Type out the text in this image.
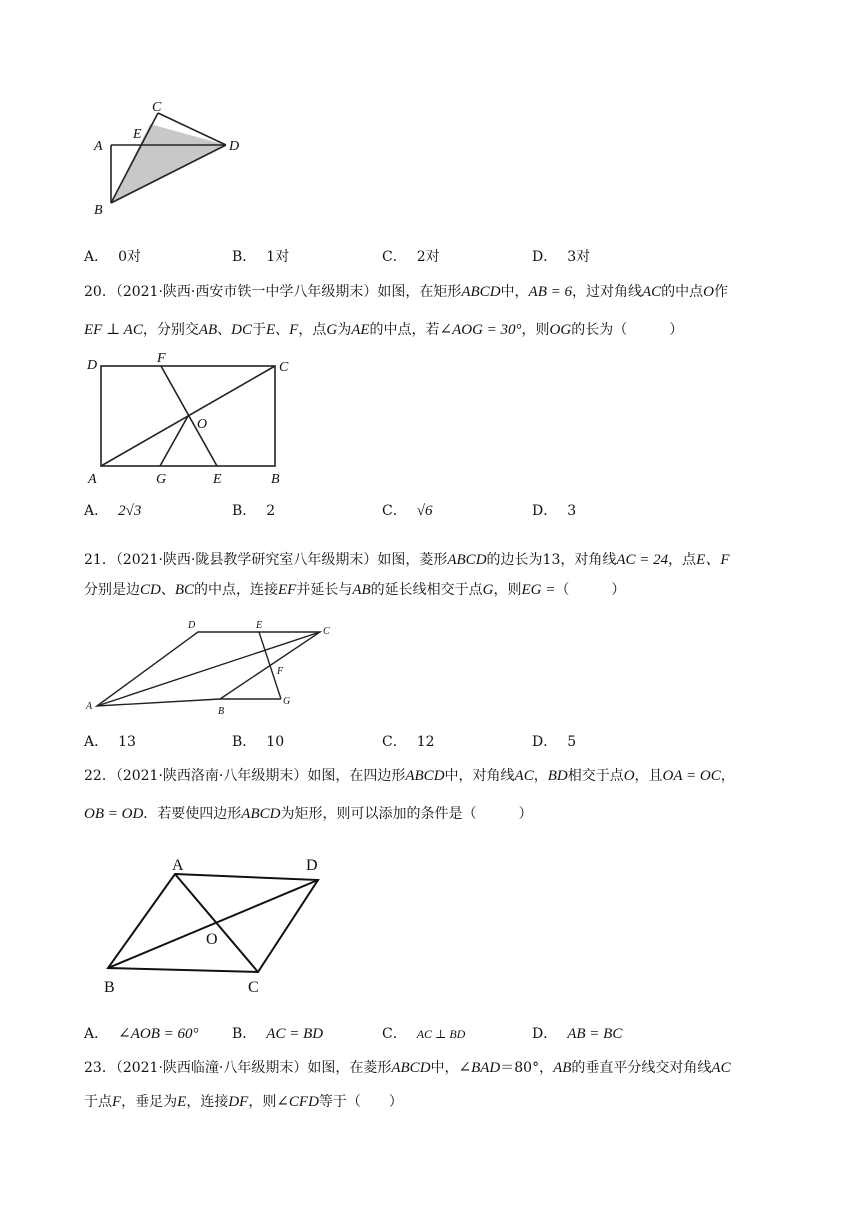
A
B
C
D
E
A． 0对	B． 1对	C． 2对	D． 3对
20．（2021·陕西·西安市铁一中学八年级期末）如图，在矩形ABCD中，AB = 6，过对角线AC的中点O作
EF ⊥ AC，分别交AB、DC于E、F，点G为AE的中点，若∠AOG = 30°，则OG的长为（　　　）
D	F
C
O
A	G	E	B
A． 2√3	B． 2	C． √6	D． 3
21．（2021·陕西·陇县教学研究室八年级期末）如图，菱形ABCD的边长为13，对角线AC = 24，点E、F
分别是边CD、BC的中点，连接EF并延长与AB的延长线相交于点G，则EG =（　　　）
D	E
C
F
A	B
G
A． 13	B． 10	C． 12	D． 5
22．（2021·陕西洛南·八年级期末）如图，在四边形ABCD中，对角线AC，BD相交于点O，且OA = OC，
OB = OD．若要使四边形ABCD为矩形，则可以添加的条件是（　　　）
A	D
O
B	C
A． ∠AOB = 60° B． AC = BD	C． AC ⊥ BD	D． AB = BC
23．（2021·陕西临潼·八年级期末）如图，在菱形ABCD中，∠BAD＝80°，AB的垂直平分线交对角线AC
于点F，垂足为E，连接DF，则∠CFD等于（　　）
